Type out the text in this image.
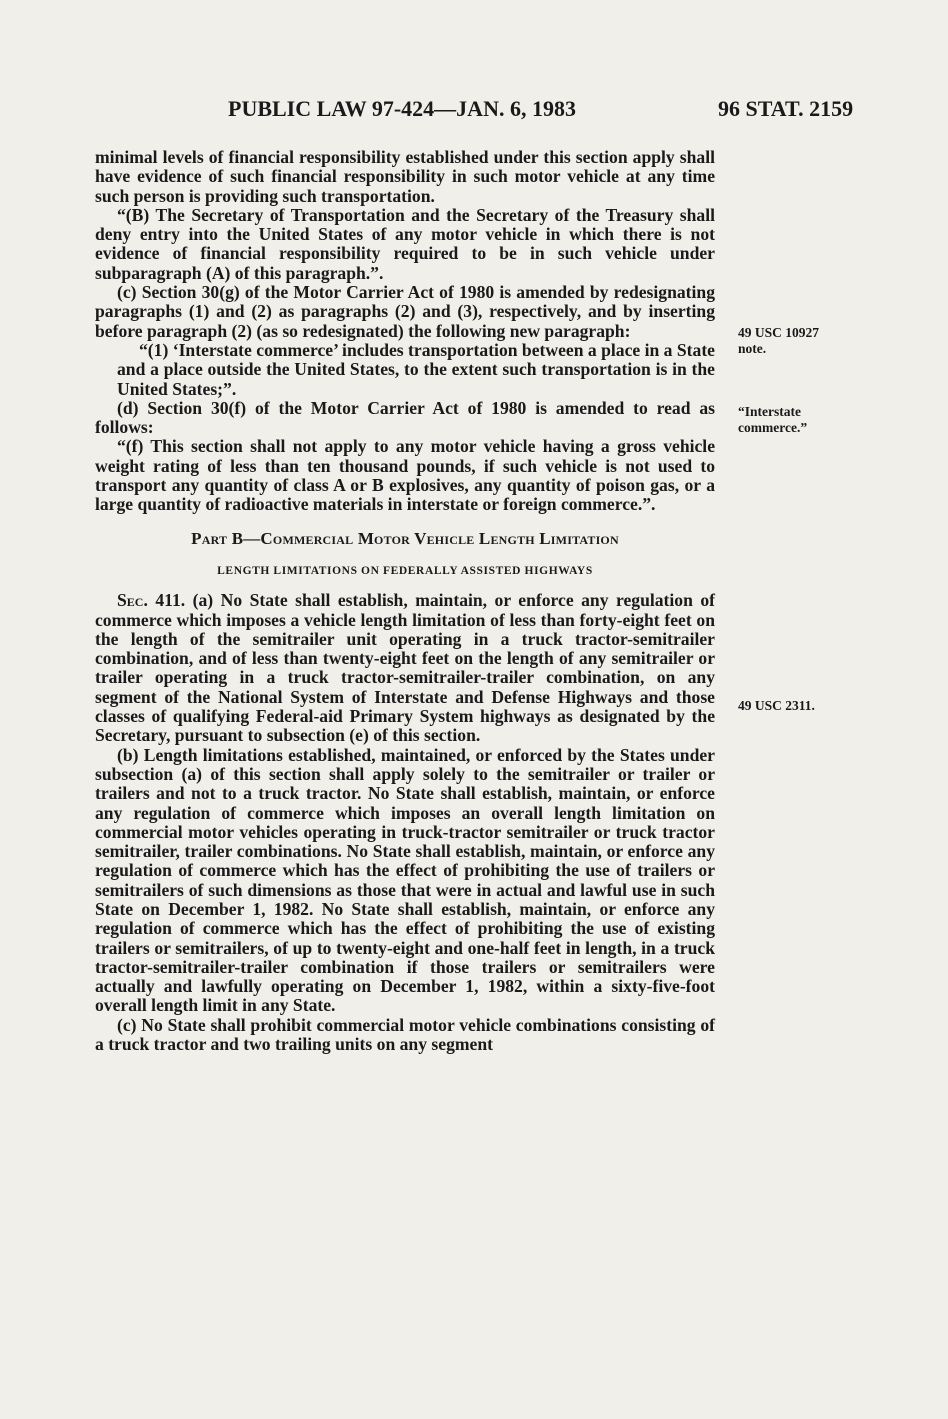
PUBLIC LAW 97-424—JAN. 6, 1983	96 STAT. 2159

minimal levels of financial responsibility established under this section apply shall have evidence of such financial responsibility in such motor vehicle at any time such person is providing such transportation.

“(B) The Secretary of Transportation and the Secretary of the Treasury shall deny entry into the United States of any motor vehicle in which there is not evidence of financial responsibility required to be in such vehicle under subparagraph (A) of this paragraph.”.

(c) Section 30(g) of the Motor Carrier Act of 1980 is amended by redesignating paragraphs (1) and (2) as paragraphs (2) and (3), respectively, and by inserting before paragraph (2) (as so redesignated) the following new paragraph:

“(1) ‘Interstate commerce’ includes transportation between a place in a State and a place outside the United States, to the extent such transportation is in the United States;”.

(d) Section 30(f) of the Motor Carrier Act of 1980 is amended to read as follows:

“(f) This section shall not apply to any motor vehicle having a gross vehicle weight rating of less than ten thousand pounds, if such vehicle is not used to transport any quantity of class A or B explosives, any quantity of poison gas, or a large quantity of radioactive materials in interstate or foreign commerce.”.

Part B—Commercial Motor Vehicle Length Limitation

LENGTH LIMITATIONS ON FEDERALLY ASSISTED HIGHWAYS

Sec. 411. (a) No State shall establish, maintain, or enforce any regulation of commerce which imposes a vehicle length limitation of less than forty-eight feet on the length of the semitrailer unit operating in a truck tractor-semitrailer combination, and of less than twenty-eight feet on the length of any semitrailer or trailer operating in a truck tractor-semitrailer-trailer combination, on any segment of the National System of Interstate and Defense Highways and those classes of qualifying Federal-aid Primary System highways as designated by the Secretary, pursuant to subsection (e) of this section.

(b) Length limitations established, maintained, or enforced by the States under subsection (a) of this section shall apply solely to the semitrailer or trailer or trailers and not to a truck tractor. No State shall establish, maintain, or enforce any regulation of commerce which imposes an overall length limitation on commercial motor vehicles operating in truck-tractor semitrailer or truck tractor semitrailer, trailer combinations. No State shall establish, maintain, or enforce any regulation of commerce which has the effect of prohibiting the use of trailers or semitrailers of such dimensions as those that were in actual and lawful use in such State on December 1, 1982. No State shall establish, maintain, or enforce any regulation of commerce which has the effect of prohibiting the use of existing trailers or semitrailers, of up to twenty-eight and one-half feet in length, in a truck tractor-semitrailer-trailer combination if those trailers or semitrailers were actually and lawfully operating on December 1, 1982, within a sixty-five-foot overall length limit in any State.

(c) No State shall prohibit commercial motor vehicle combinations consisting of a truck tractor and two trailing units on any segment

49 USC 10927 note.
“Interstate commerce.”
49 USC 2311.
